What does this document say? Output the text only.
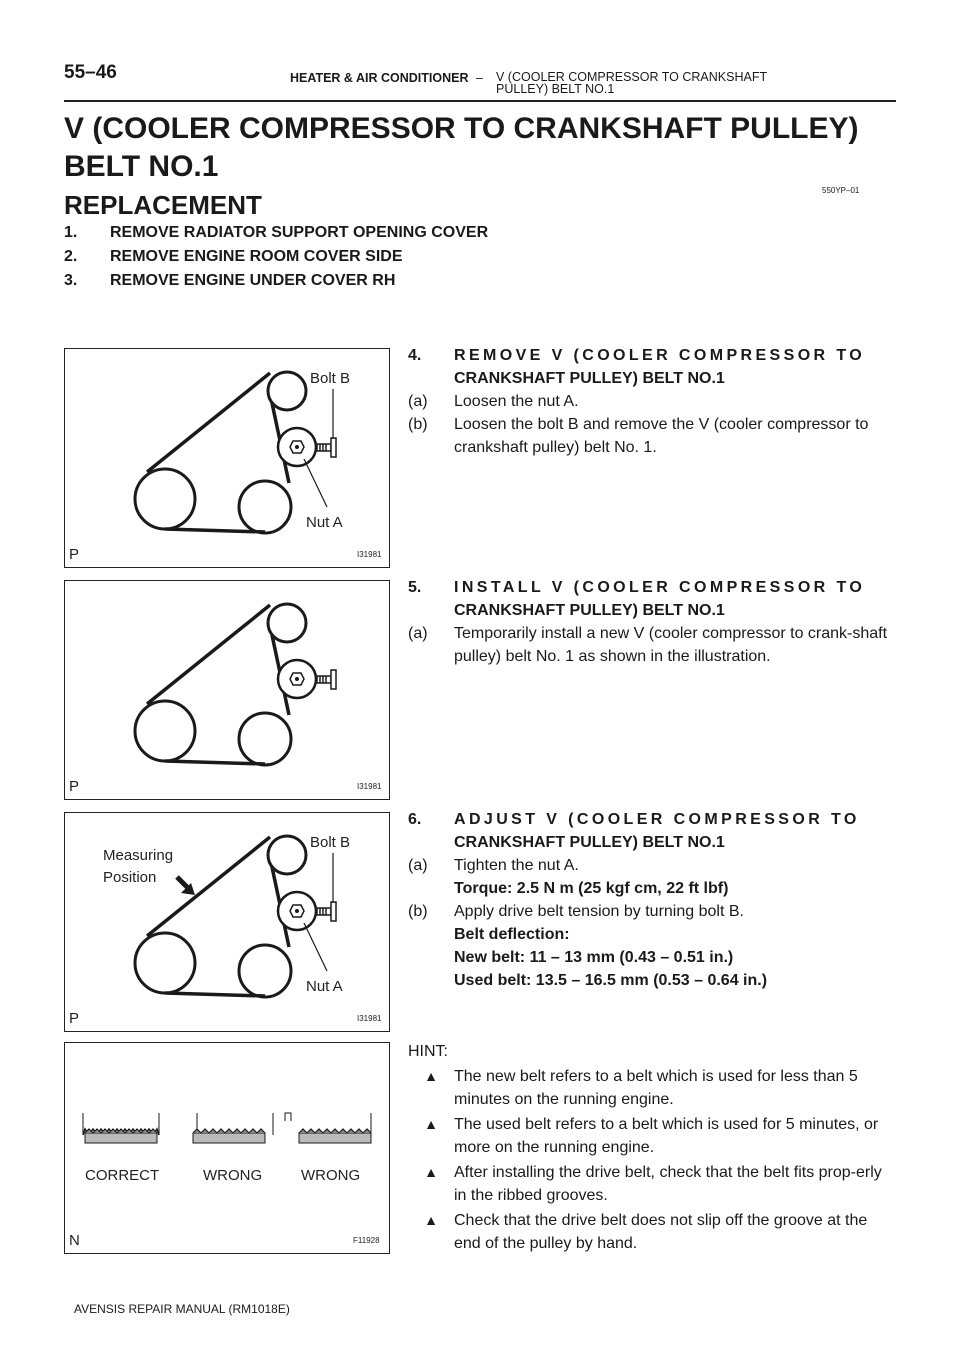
55–46	HEATER & AIR CONDITIONER – V (COOLER COMPRESSOR TO CRANKSHAFT PULLEY) BELT NO.1
V (COOLER COMPRESSOR TO CRANKSHAFT PULLEY) BELT NO.1
550YP–01
REPLACEMENT
1. REMOVE RADIATOR SUPPORT OPENING COVER
2. REMOVE ENGINE ROOM COVER SIDE
3. REMOVE ENGINE UNDER COVER RH
Bolt B
Nut A
P	I31981
4.	REMOVE V (COOLER COMPRESSOR TO
CRANKSHAFT PULLEY) BELT NO.1
(a)	Loosen the nut A.
(b)	Loosen the bolt B and remove the V (cooler compressor to crankshaft pulley) belt No. 1.
P	I31981
5.	INSTALL V (COOLER COMPRESSOR TO
CRANKSHAFT PULLEY) BELT NO.1
(a)	Temporarily install a new V (cooler compressor to crank-shaft pulley) belt No. 1 as shown in the illustration.
Bolt B
Nut A
Measuring
Position
P	I31981
6.	ADJUST V (COOLER COMPRESSOR TO
CRANKSHAFT PULLEY) BELT NO.1
(a)	Tighten the nut A.
Torque: 2.5 N m (25 kgf cm, 22 ft lbf)
(b)	Apply drive belt tension by turning bolt B.
Belt deflection:
New belt: 11 – 13 mm (0.43 – 0.51 in.)
Used belt: 13.5 – 16.5 mm (0.53 – 0.64 in.)
CORRECT	WRONG	WRONG
N	F11928
HINT:
▲	The new belt refers to a belt which is used for less than 5 minutes on the running engine.
▲	The used belt refers to a belt which is used for 5 minutes, or more on the running engine.
▲	After installing the drive belt, check that the belt fits prop-erly in the ribbed grooves.
▲	Check that the drive belt does not slip off the groove at the end of the pulley by hand.
AVENSIS REPAIR MANUAL (RM1018E)
